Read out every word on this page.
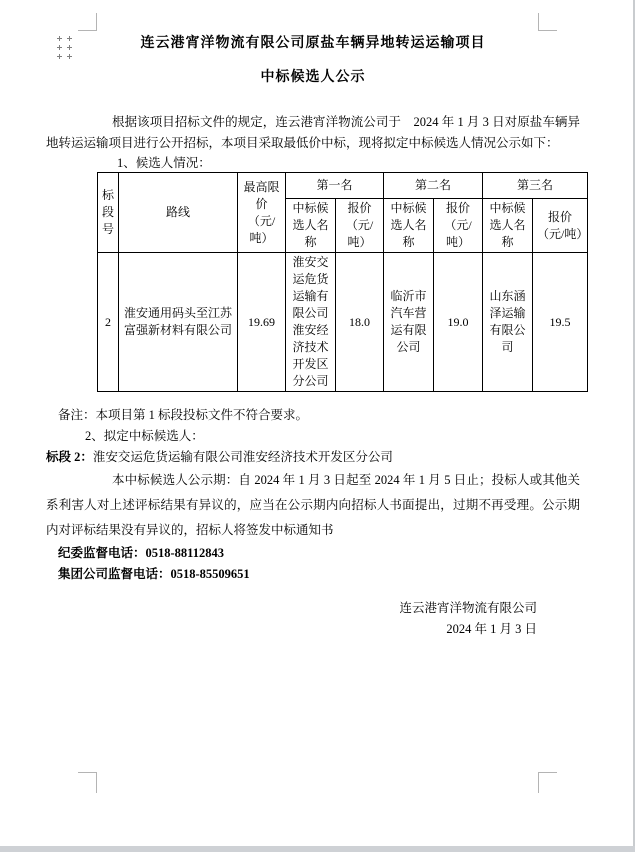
连云港宵洋物流有限公司原盐车辆异地转运运输项目
中标候选人公示

根据该项目招标文件的规定，连云港宵洋物流公司于　2024 年 1 月 3 日对原盐车辆异地转运运输项目进行公开招标，本项目采取最低价中标，现将拟定中标候选人情况公示如下：

1、候选人情况：

标段号	路线	最高限价（元/吨）	第一名		第二名		第三名	
			中标候选人名称	报价（元/吨）	中标候选人名称	报价（元/吨）	中标候选人名称	报价（元/吨）
2	淮安通用码头至江苏富强新材料有限公司	19.69	淮安交运危货运输有限公司淮安经济技术开发区分公司	18.0	临沂市汽车营运有限公司	19.0	山东涵泽运输有限公司	19.5

备注：本项目第 1 标段投标文件不符合要求。

2、拟定中标候选人：

标段 2：淮安交运危货运输有限公司淮安经济技术开发区分公司

本中标候选人公示期：自 2024 年 1 月 3 日起至 2024 年 1 月 5 日止；投标人或其他关系利害人对上述评标结果有异议的，应当在公示期内向招标人书面提出，过期不再受理。公示期内对评标结果没有异议的，招标人将签发中标通知书

纪委监督电话：0518-88112843

集团公司监督电话：0518-85509651

连云港宵洋物流有限公司
2024 年 1 月 3 日
